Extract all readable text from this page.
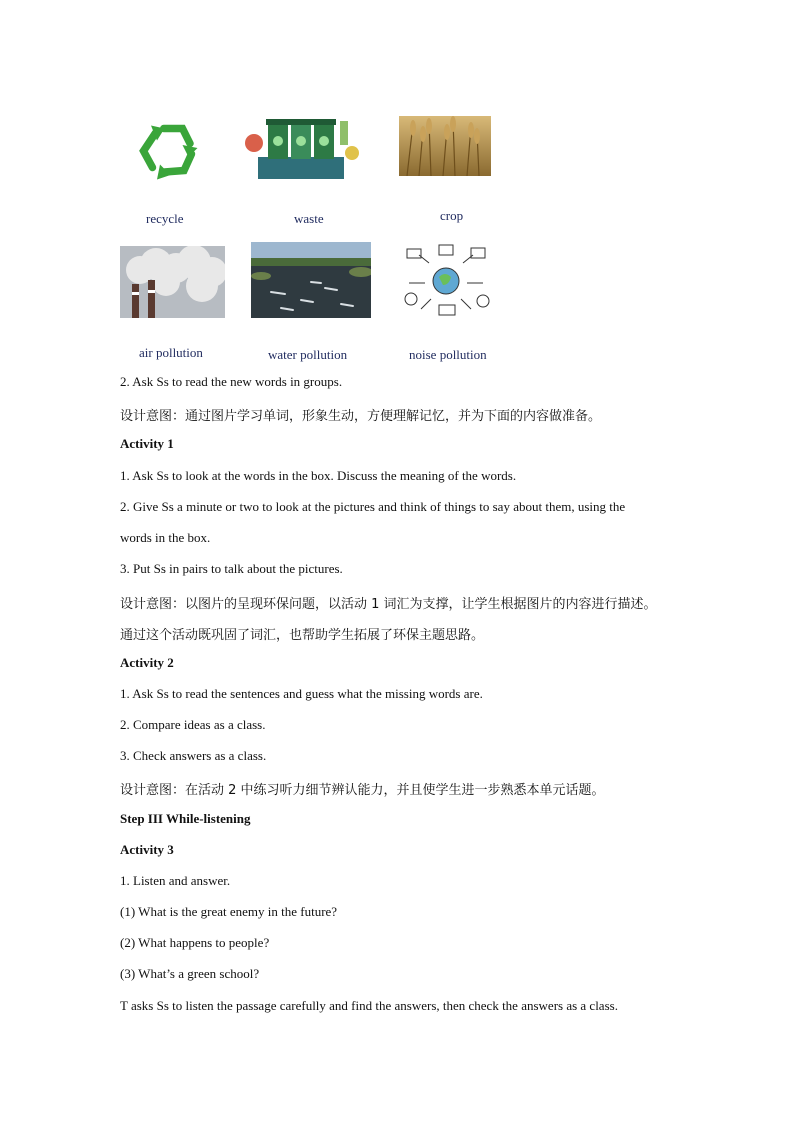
recycle	waste	crop
air pollution	water pollution	noise pollution
2. Ask Ss to read the new words in groups.
设计意图：通过图片学习单词，形象生动，方便理解记忆，并为下面的内容做准备。
Activity 1
1. Ask Ss to look at the words in the box. Discuss the meaning of the words.
2. Give Ss a minute or two to look at the pictures and think of things to say about them, using the
words in the box.
3. Put Ss in pairs to talk about the pictures.
设计意图：以图片的呈现环保问题，以活动 1 词汇为支撑，让学生根据图片的内容进行描述。
通过这个活动既巩固了词汇，也帮助学生拓展了环保主题思路。
Activity 2
1. Ask Ss to read the sentences and guess what the missing words are.
2. Compare ideas as a class.
3. Check answers as a class.
设计意图：在活动 2 中练习听力细节辨认能力，并且使学生进一步熟悉本单元话题。
Step III While-listening
Activity 3
1. Listen and answer.
(1) What is the great enemy in the future?
(2) What happens to people?
(3) What’s a green school?
T asks Ss to listen the passage carefully and find the answers, then check the answers as a class.
